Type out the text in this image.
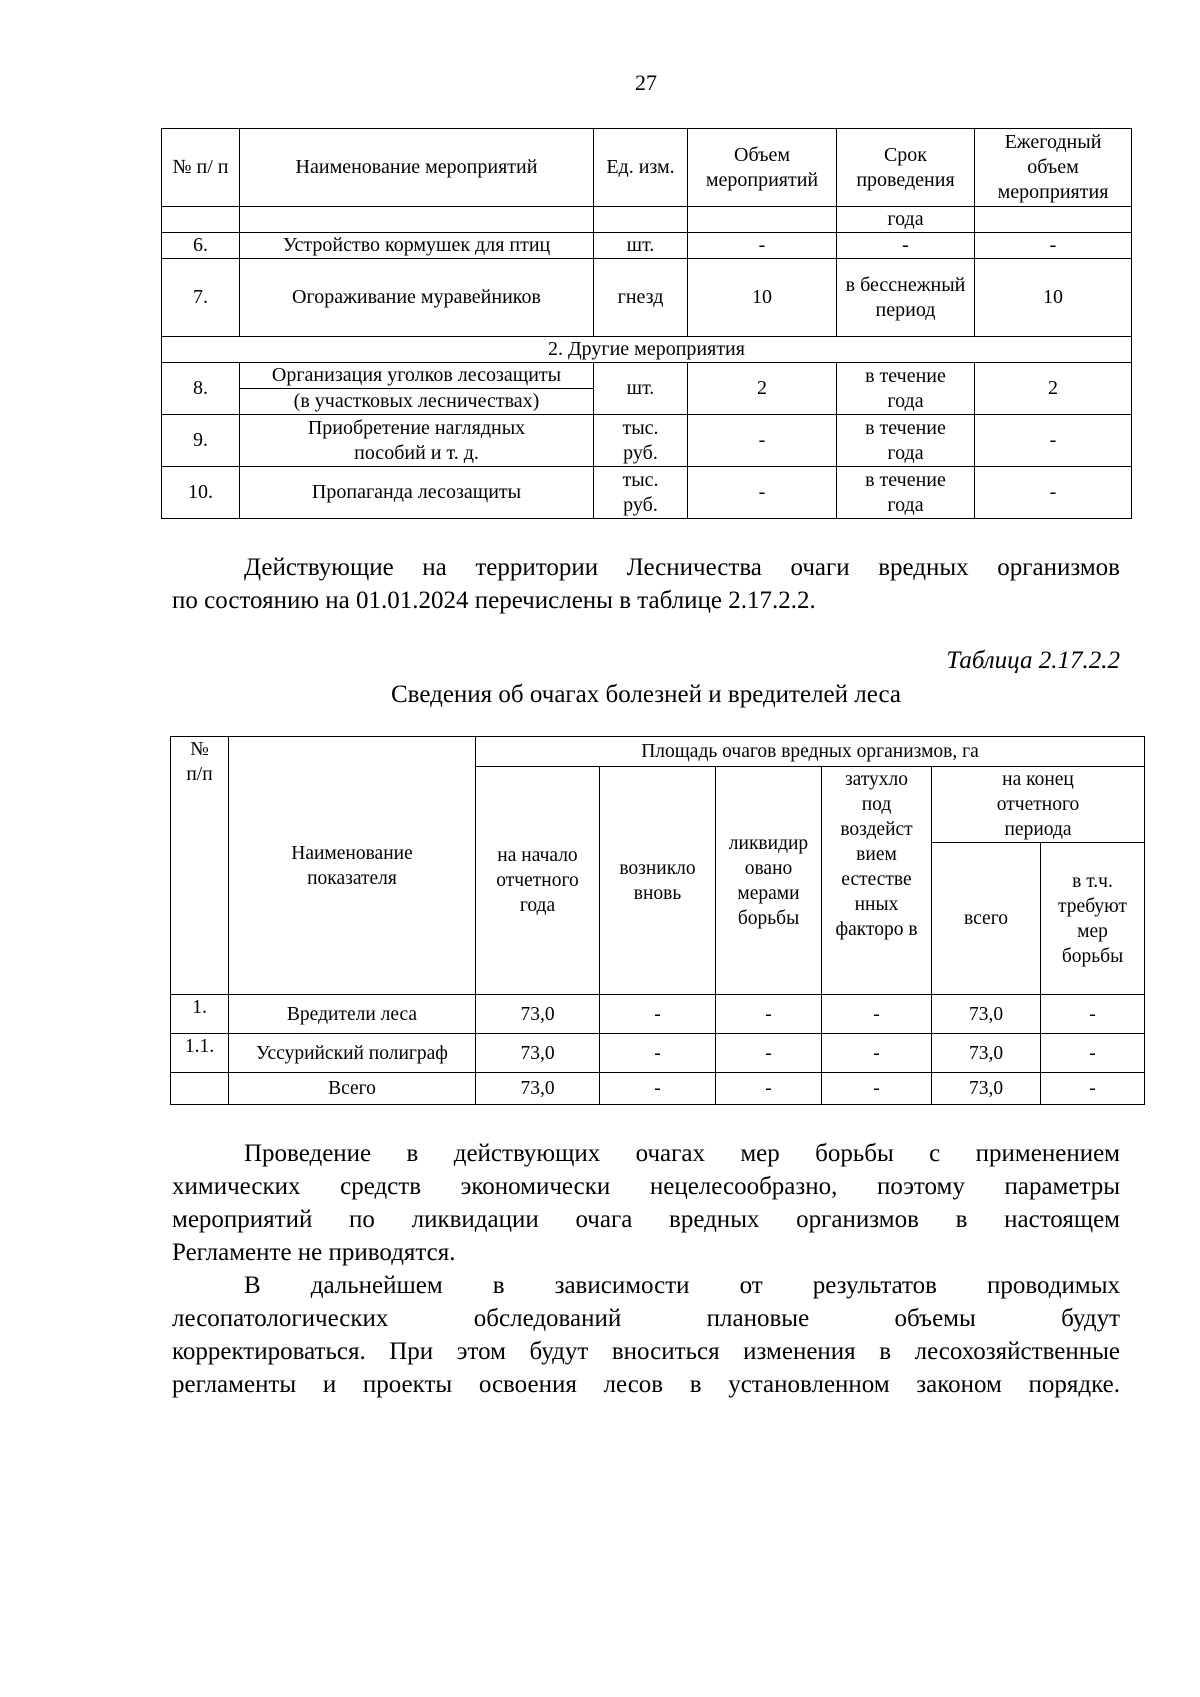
27
№ п/ п	Наименование мероприятий	Ед. изм.	Объем мероприятий	Срок проведения	Ежегодный объем мероприятия
				года	
6.	Устройство кормушек для птиц	шт.	-	-	-
7.	Огораживание муравейников	гнезд	10	в бесснежный период	10
2. Другие мероприятия					
8.	Организация уголков лесозащиты	шт.	2	в течение года	2
	(в участковых лесничествах)				
9.	Приобретение наглядных пособий и т. д.	тыс. руб.	-	в течение года	-
10.	Пропаганда лесозащиты	тыс. руб.	-	в течение года	-
Действующие на территории Лесничества очаги вредных организмов
по состоянию на 01.01.2024 перечислены в таблице 2.17.2.2.
Таблица 2.17.2.2
Сведения об очагах болезней и вредителей леса
№ п/п	Наименование показателя	Площадь очагов вредных организмов, га					
		на начало отчетного года	возникло вновь	ликвидир овано мерами борьбы	затухло под воздейст вием естестве нных факторо в	на конец отчетного периода	
						всего	в т.ч. требуют мер борьбы
1.	Вредители леса	73,0	-	-	-	73,0	-
1.1.	Уссурийский полиграф	73,0	-	-	-	73,0	-
	Всего	73,0	-	-	-	73,0	-
Проведение в действующих очагах мер борьбы с применением
химических средств экономически нецелесообразно, поэтому параметры
мероприятий по ликвидации очага вредных организмов в настоящем
Регламенте не приводятся.
В дальнейшем в зависимости от результатов проводимых
лесопатологических обследований плановые объемы будут
корректироваться. При этом будут вноситься изменения в лесохозяйственные
регламенты и проекты освоения лесов в установленном законом порядке.
